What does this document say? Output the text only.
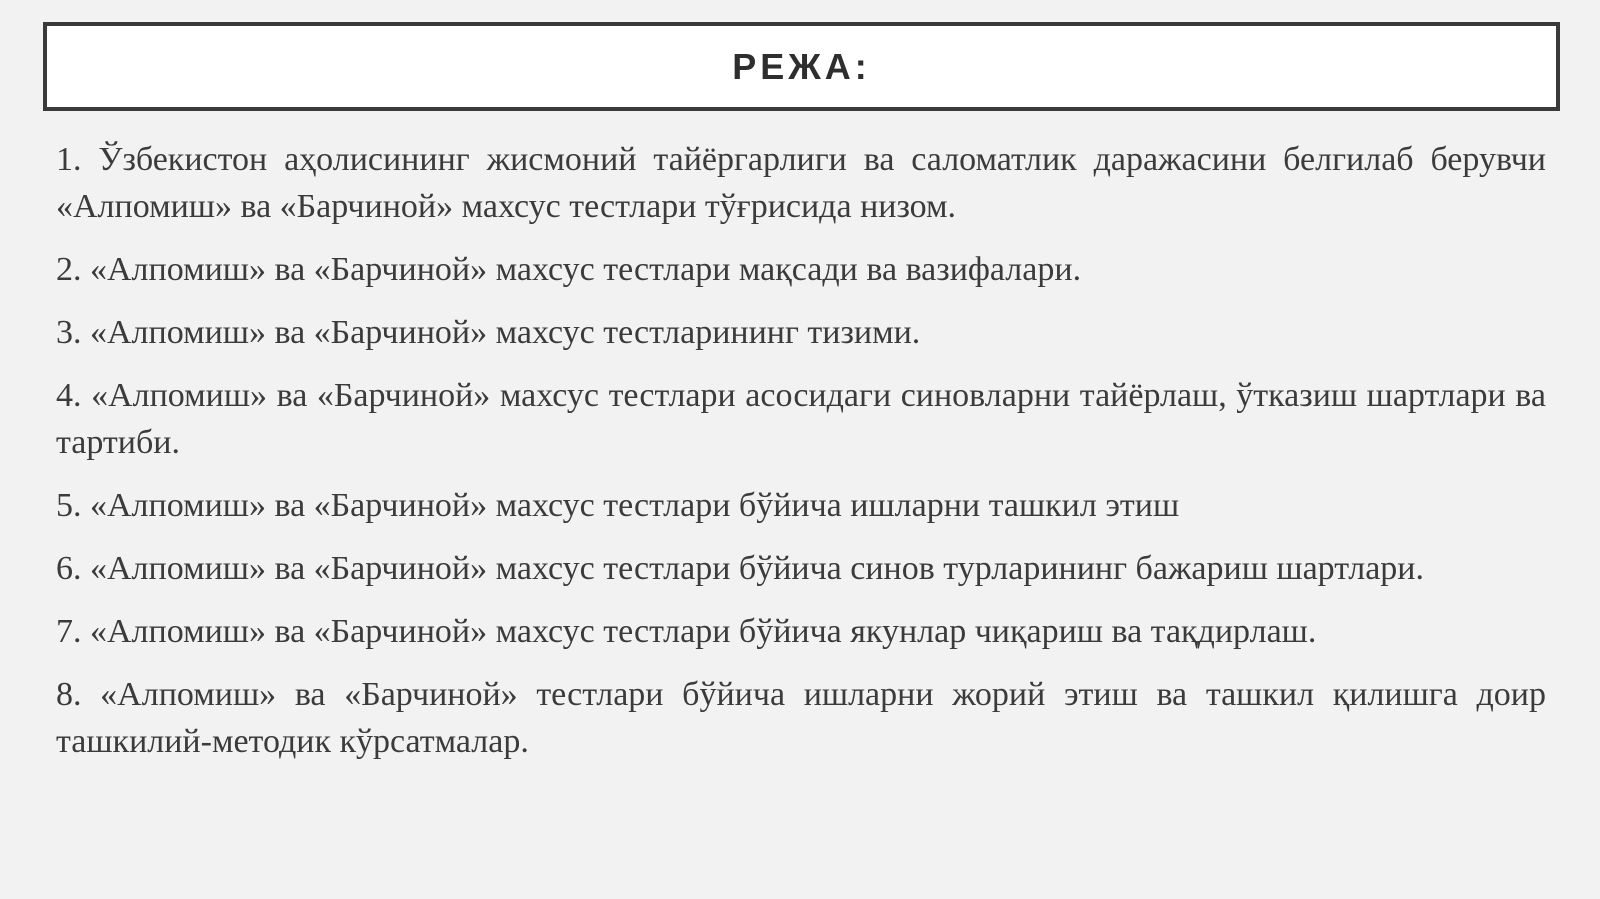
РЕЖА:
1. Ўзбекистон аҳолисининг жисмоний тайёргарлиги ва саломатлик даражасини белгилаб берувчи «Алпомиш» ва «Барчиной» махсус тестлари тўғрисида низом.
2. «Алпомиш» ва «Барчиной» махсус тестлари мақсади ва вазифалари.
3. «Алпомиш» ва «Барчиной» махсус тестларининг тизими.
4. «Алпомиш» ва «Барчиной» махсус тестлари асосидаги синовларни тайёрлаш, ўтказиш шартлари ва тартиби.
5. «Алпомиш» ва «Барчиной» махсус тестлари бўйича ишларни ташкил этиш
6. «Алпомиш» ва «Барчиной» махсус тестлари бўйича синов турларининг бажариш шартлари.
7. «Алпомиш» ва «Барчиной» махсус тестлари бўйича якунлар чиқариш ва тақдирлаш.
8. «Алпомиш» ва «Барчиной» тестлари бўйича ишларни жорий этиш ва ташкил қилишга доир ташкилий-методик кўрсатмалар.
